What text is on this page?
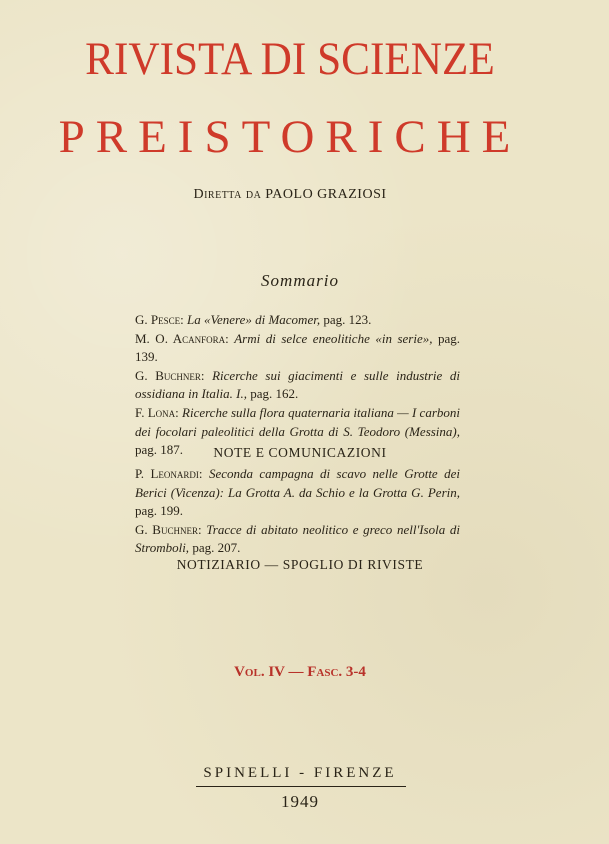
RIVISTA DI SCIENZE
PREISTORICHE
Diretta da PAOLO GRAZIOSI
Sommario

G. Pesce: La «Venere» di Macomer, pag. 123.

M. O. Acanfora: Armi di selce eneolitiche «in serie», pag. 139.

G. Buchner: Ricerche sui giacimenti e sulle industrie di ossidiana in Italia. I., pag. 162.

F. Lona: Ricerche sulla flora quaternaria italiana — I carboni dei focolari paleolitici della Grotta di S. Teodoro (Messina), pag. 187.	NOTE E COMUNICAZIONI

P. Leonardi: Seconda campagna di scavo nelle Grotte dei Berici (Vicenza): La Grotta A. da Schio e la Grotta G. Perin, pag. 199.

G. Buchner: Tracce di abitato neolitico e greco nell'Isola di Stromboli, pag. 207.

NOTIZIARIO — SPOGLIO DI RIVISTE
Vol. IV — Fasc. 3-4
SPINELLI - FIRENZE
1949
